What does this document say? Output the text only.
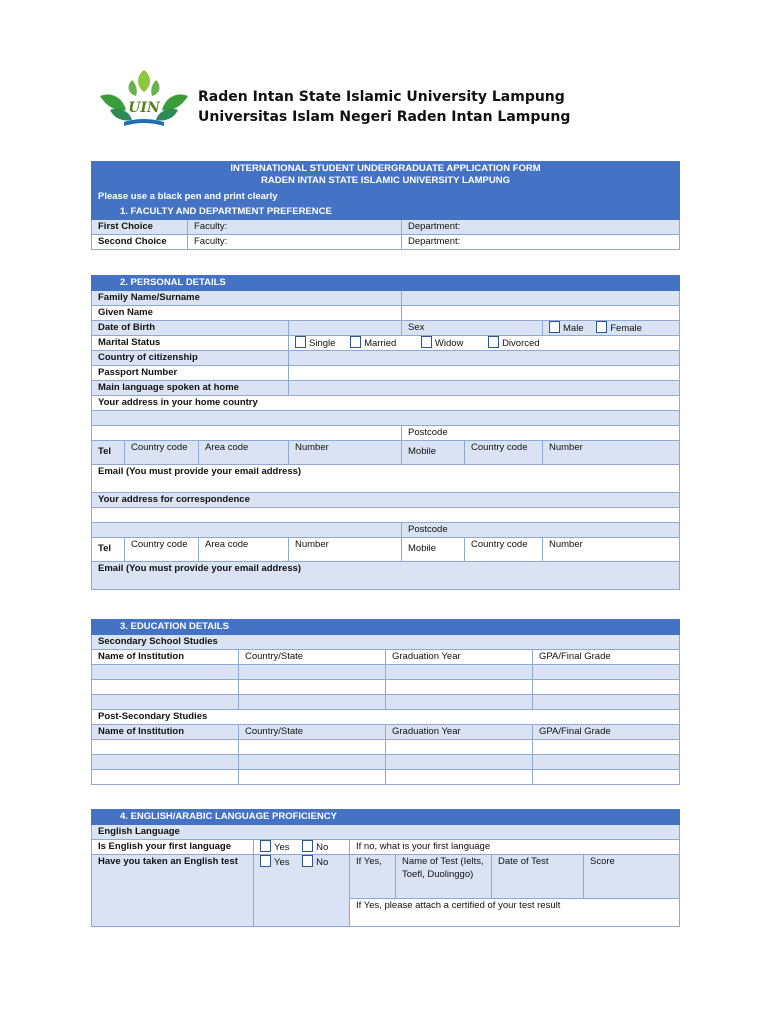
UIN
Raden Intan State Islamic University Lampung
Universitas Islam Negeri Raden Intan Lampung
INTERNATIONAL STUDENT UNDERGRADUATE APPLICATION FORM
RADEN INTAN STATE ISLAMIC UNIVERSITY LAMPUNG		

Please use a black pen and print clearly		
1. FACULTY AND DEPARTMENT PREFERENCE		
First Choice	Faculty:	Department:
Second Choice	Faculty:	Department:
2. PERSONAL DETAILS						
Family Name/Surname						
Given Name						
Date of Birth				Sex		Male Female
Marital Status			Single Married Widow Divorced			
Country of citizenship						
Passport Number						
Main language spoken at home						
Your address in your home country						

				Postcode		
Tel	Country code	Area code	Number	Mobile	Country code	Number
Email (You must provide your email address)						
Your address for correspondence						

				Postcode		
Tel	Country code	Area code	Number	Mobile	Country code	Number
Email (You must provide your email address)						
3. EDUCATION DETAILS			
Secondary School Studies			
Name of Institution	Country/State	Graduation Year	GPA/Final Grade

Post-Secondary Studies			
Name of Institution	Country/State	Graduation Year	GPA/Final Grade

4. ENGLISH/ARABIC LANGUAGE PROFICIENCY					
English Language					
Is English your first language	Yes No	If no, what is your first language			
Have you taken an English test	Yes No	If Yes,	Name of Test (Ielts, Toefl, Duolinggo)	Date of Test	Score
		If Yes, please attach a certified of your test result			
